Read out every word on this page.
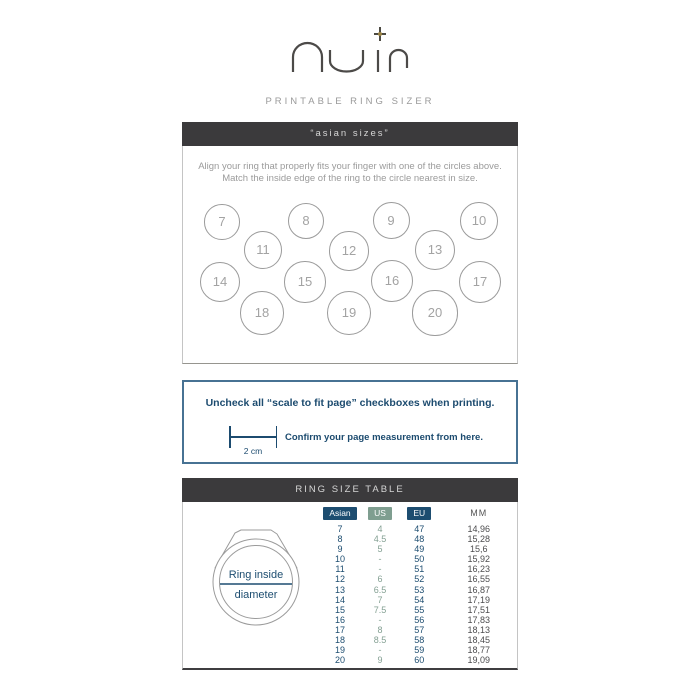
PRINTABLE RING SIZER
“asian sizes”
Align your ring that properly fits your finger with one of the circles above.
Match the inside edge of the ring to the circle nearest in size.
7	8	9	10
11	12	13
14	15	16	17
18	19	20
Uncheck all “scale to fit page” checkboxes when printing.
2 cm
Confirm your page measurement from here.
RING SIZE TABLE
Ring inside
diameter
Asian	US	EU	MM
7	4	47	14,96
8	4.5	48	15,28
9	5	49	15,6
10	-	50	15,92
11	-	51	16,23
12	6	52	16,55
13	6.5	53	16,87
14	7	54	17,19
15	7.5	55	17,51
16	-	56	17,83
17	8	57	18,13
18	8.5	58	18,45
19	-	59	18,77
20	9	60	19,09
